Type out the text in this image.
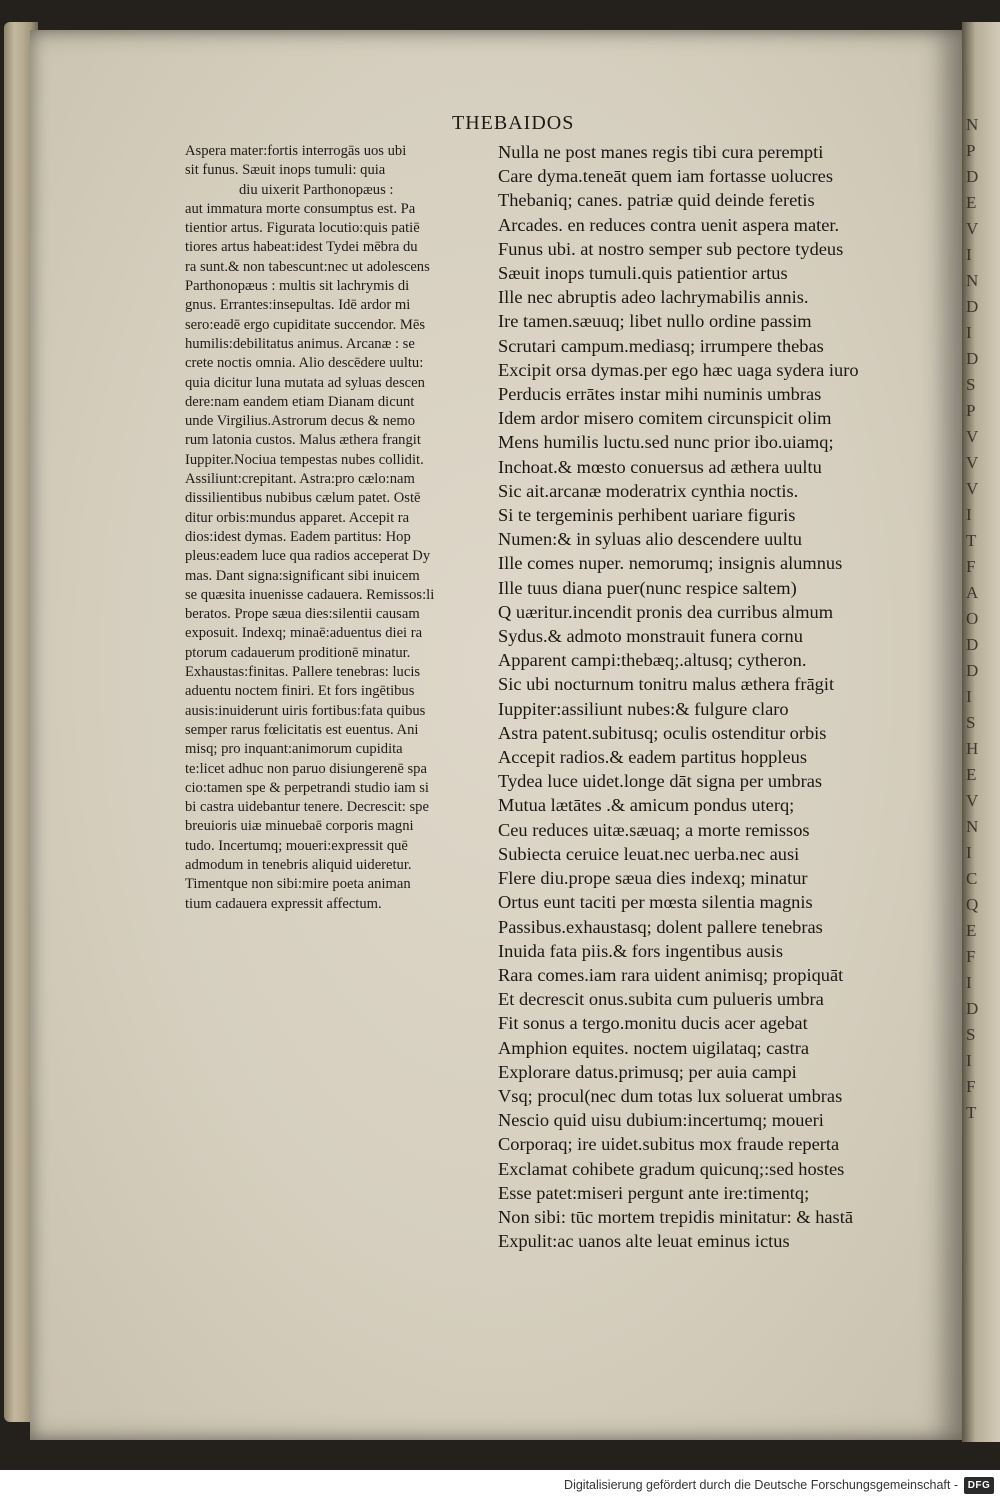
N
P
D
E
V
I
N
D
I
D
S
P
V
V
V
I
T
F
A
O
D
D
I
S
H
E
V
N
I
C
Q
E
F
I
D
S
I
F
T
THEBAIDOS
Aspera mater:fortis interrogās uos ubi
sit funus. Sæuit inops tumuli: quia
diu uixerit Parthonopæus :
aut immatura morte consumptus est. Pa
tientior artus. Figurata locutio:quis patiē
tiores artus habeat:idest Tydei mēbra du
ra sunt.& non tabescunt:nec ut adolescens
Parthonopæus : multis sit lachrymis di
gnus. Errantes:insepultas. Idē ardor mi
sero:eadē ergo cupiditate succendor. Mēs
humilis:debilitatus animus. Arcanæ : se
crete noctis omnia. Alio descēdere uultu:
quia dicitur luna mutata ad syluas descen
dere:nam eandem etiam Dianam dicunt
unde Virgilius.Astrorum decus & nemo
rum latonia custos. Malus æthera frangit
Iuppiter.Nociua tempestas nubes collidit.
Assiliunt:crepitant. Astra:pro cælo:nam
dissilientibus nubibus cælum patet. Ostē
ditur orbis:mundus apparet. Accepit ra
dios:idest dymas. Eadem partitus: Hop
pleus:eadem luce qua radios acceperat Dy
mas. Dant signa:significant sibi inuicem
se quæsita inuenisse cadauera. Remissos:li
beratos. Prope sæua dies:silentii causam
exposuit. Indexq; minaē:aduentus diei ra
ptorum cadauerum proditionē minatur.
Exhaustas:finitas. Pallere tenebras: lucis
aduentu noctem finiri. Et fors ingētibus
ausis:inuiderunt uiris fortibus:fata quibus
semper rarus fœlicitatis est euentus. Ani
misq; pro inquant:animorum cupidita
te:licet adhuc non paruo disiungerenē spa
cio:tamen spe & perpetrandi studio iam si
bi castra uidebantur tenere. Decrescit: spe
breuioris uiæ minuebaē corporis magni
tudo. Incertumq; moueri:expressit quē
admodum in tenebris aliquid uideretur.
Timentque non sibi:mire poeta animan
tium cadauera expressit affectum.
Nulla ne post manes regis tibi cura perempti
Care dyma.teneāt quem iam fortasse uolucres
Thebaniq; canes. patriæ quid deinde feretis
Arcades. en reduces contra uenit aspera mater.
Funus ubi. at nostro semper sub pectore tydeus
Sæuit inops tumuli.quis patientior artus
Ille nec abruptis adeo lachrymabilis annis.
Ire tamen.sæuuq; libet nullo ordine passim
Scrutari campum.mediasq; irrumpere thebas
Excipit orsa dymas.per ego hæc uaga sydera iuro
Perducis errātes instar mihi numinis umbras
Idem ardor misero comitem circunspicit olim
Mens humilis luctu.sed nunc prior ibo.uiamq;
Inchoat.& mœsto conuersus ad æthera uultu
Sic ait.arcanæ moderatrix cynthia noctis.
Si te tergeminis perhibent uariare figuris
Numen:& in syluas alio descendere uultu
Ille comes nuper. nemorumq; insignis alumnus
Ille tuus diana puer(nunc respice saltem)
Q uæritur.incendit pronis dea curribus almum
Sydus.& admoto monstrauit funera cornu
Apparent campi:thebæq;.altusq; cytheron.
Sic ubi nocturnum tonitru malus æthera frāgit
Iuppiter:assiliunt nubes:& fulgure claro
Astra patent.subitusq; oculis ostenditur orbis
Accepit radios.& eadem partitus hoppleus
Tydea luce uidet.longe dāt signa per umbras
Mutua lætātes .& amicum pondus uterq;
Ceu reduces uitæ.sæuaq; a morte remissos
Subiecta ceruice leuat.nec uerba.nec ausi
Flere diu.prope sæua dies indexq; minatur
Ortus eunt taciti per mœsta silentia magnis
Passibus.exhaustasq; dolent pallere tenebras
Inuida fata piis.& fors ingentibus ausis
Rara comes.iam rara uident animisq; propiquāt
Et decrescit onus.subita cum pulueris umbra
Fit sonus a tergo.monitu ducis acer agebat
Amphion equites. noctem uigilataq; castra
Explorare datus.primusq; per auia campi
Vsq; procul(nec dum totas lux soluerat umbras
Nescio quid uisu dubium:incertumq; moueri
Corporaq; ire uidet.subitus mox fraude reperta
Exclamat cohibete gradum quicunq;:sed hostes
Esse patet:miseri pergunt ante ire:timentq;
Non sibi: tūc mortem trepidis minitatur: & hastā
Expulit:ac uanos alte leuat eminus ictus
Digitalisierung gefördert durch die Deutsche Forschungsgemeinschaft - DFG
